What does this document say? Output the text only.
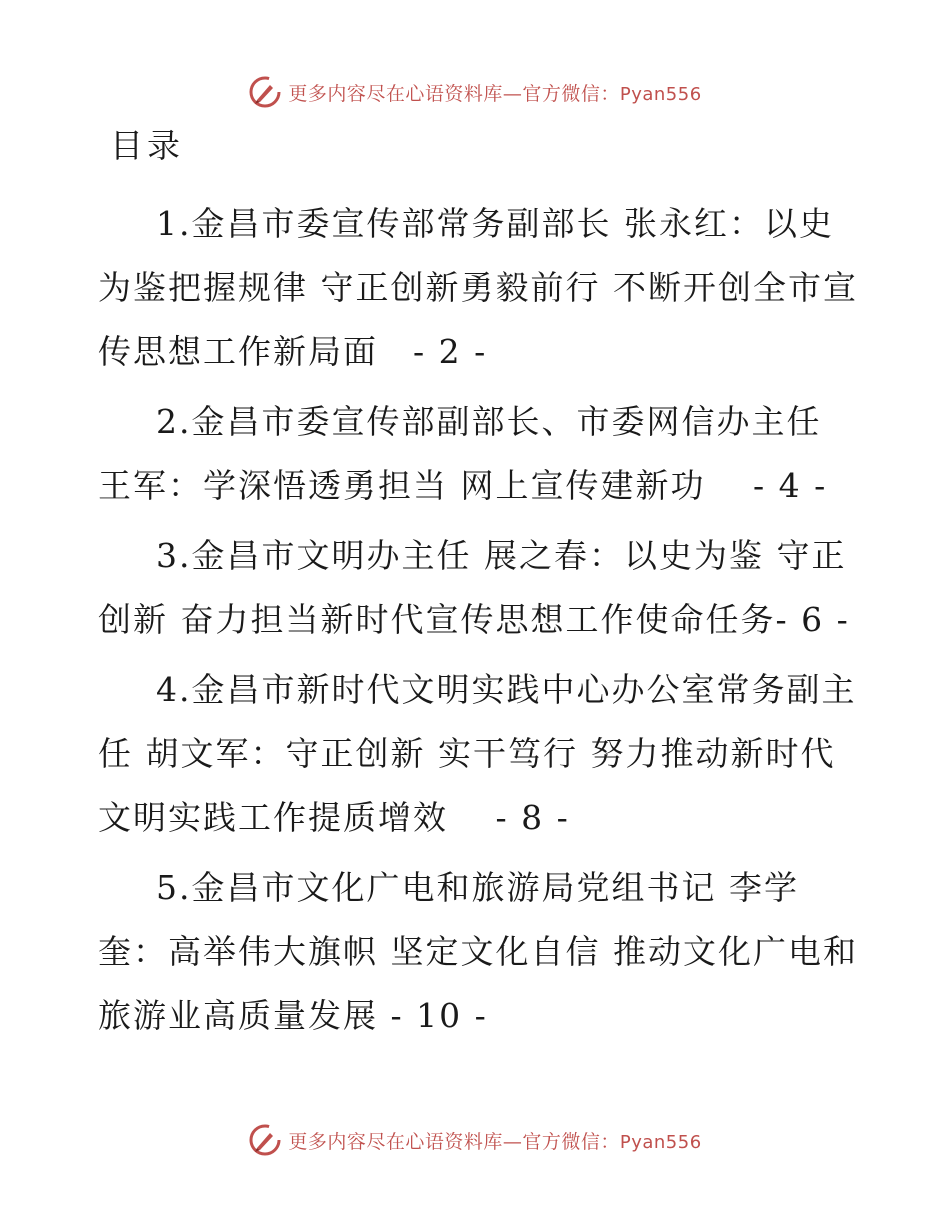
更多内容尽在心语资料库—官方微信：Pyan556
目录
1.金昌市委宣传部常务副部长 张永红：以史为鉴把握规律 守正创新勇毅前行 不断开创全市宣传思想工作新局面　- 2 -
2.金昌市委宣传部副部长、市委网信办主任 王军：学深悟透勇担当 网上宣传建新功　 - 4 -
3.金昌市文明办主任 展之春：以史为鉴 守正创新 奋力担当新时代宣传思想工作使命任务- 6 -
4.金昌市新时代文明实践中心办公室常务副主任 胡文军：守正创新 实干笃行 努力推动新时代文明实践工作提质增效　 - 8 -
5.金昌市文化广电和旅游局党组书记 李学奎：高举伟大旗帜 坚定文化自信 推动文化广电和旅游业高质量发展 - 10 -
更多内容尽在心语资料库—官方微信：Pyan556
